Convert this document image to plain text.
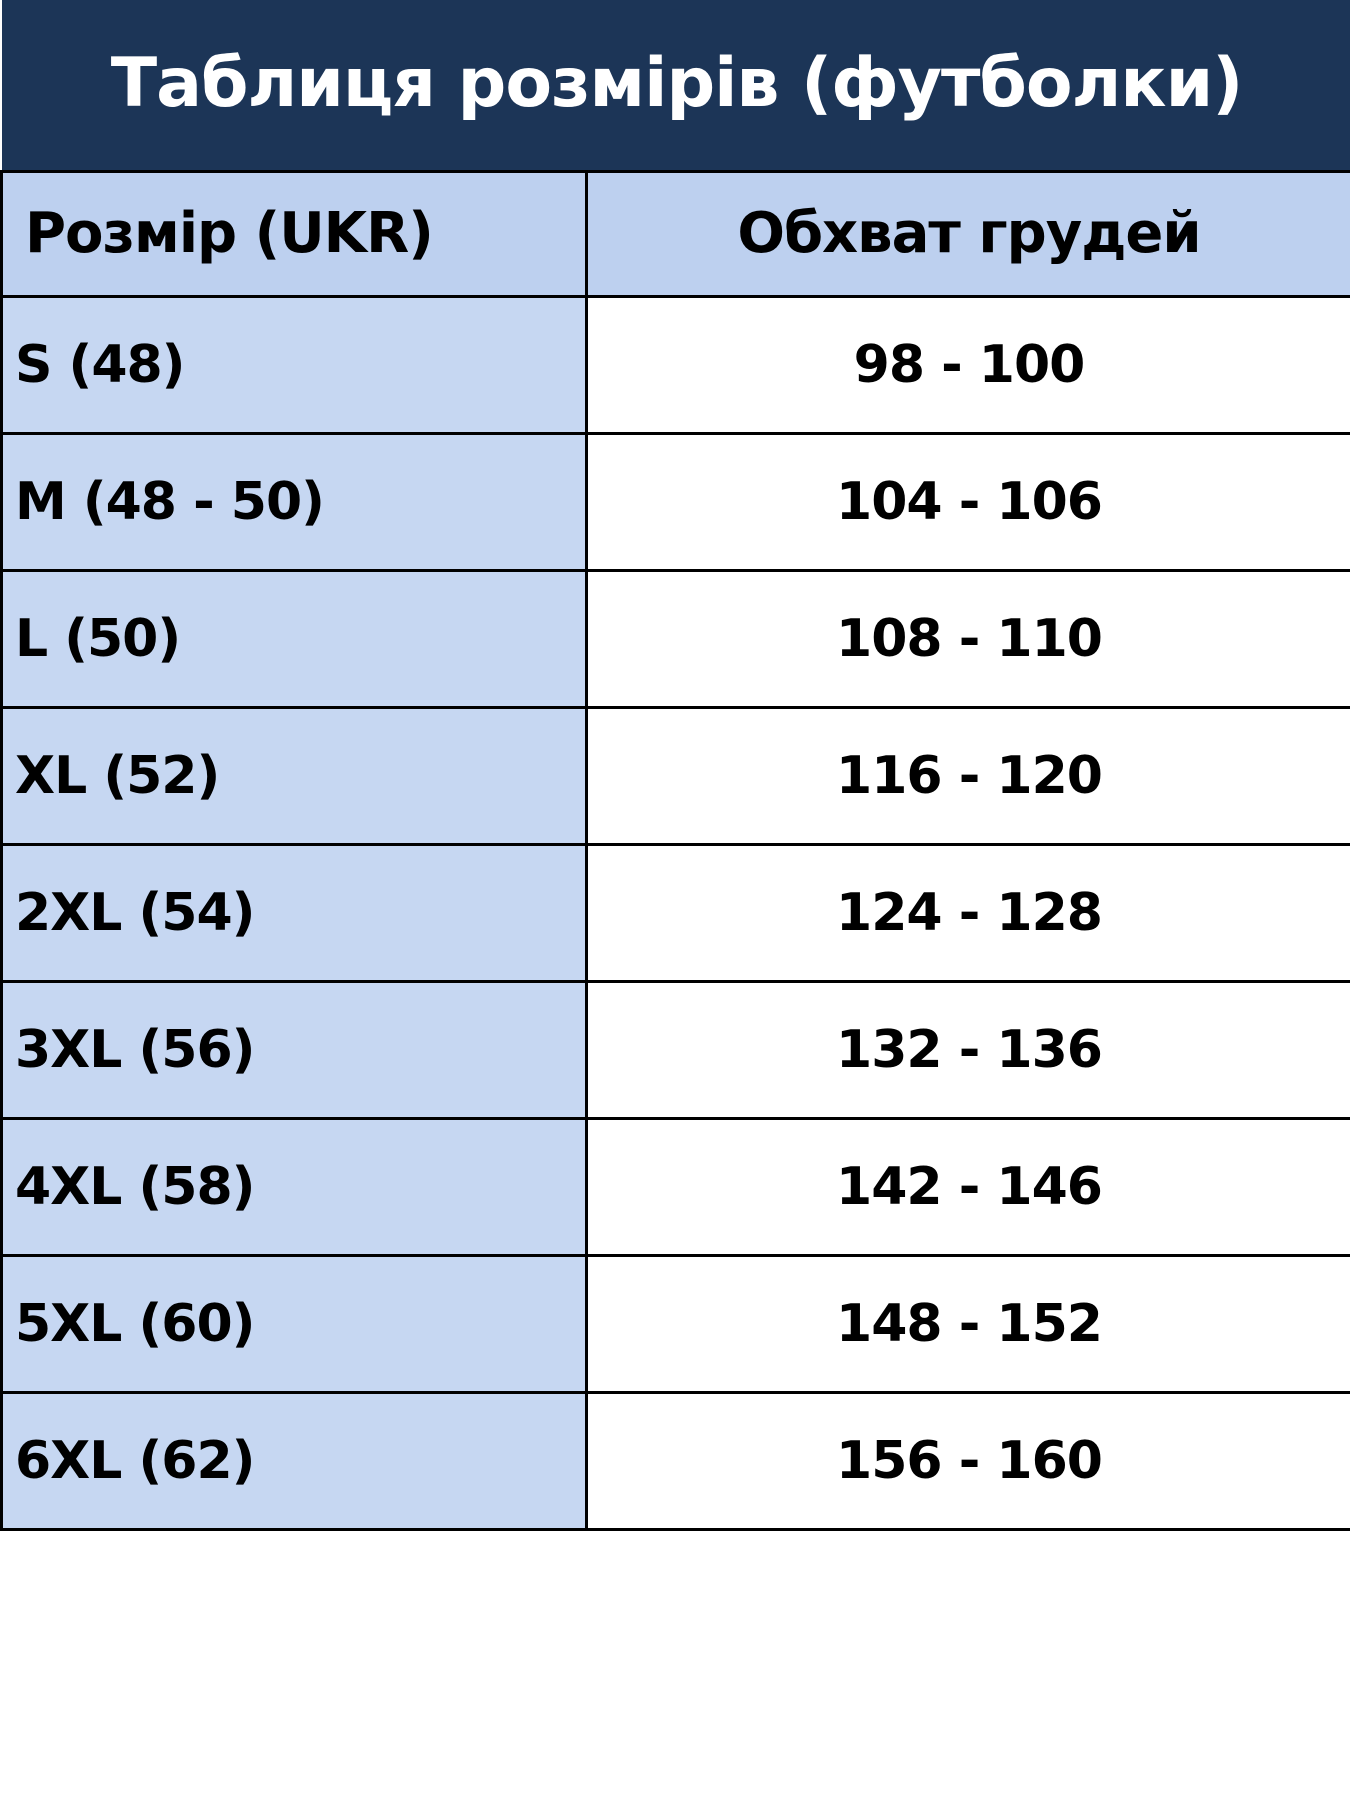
Таблиця розмірів (футболки)	
Розмір (UKR)	Обхват грудей
S (48)	98 - 100
M (48 - 50)	104 - 106
L (50)	108 - 110
XL (52)	116 - 120
2XL (54)	124 - 128
3XL (56)	132 - 136
4XL (58)	142 - 146
5XL (60)	148 - 152
6XL (62)	156 - 160
